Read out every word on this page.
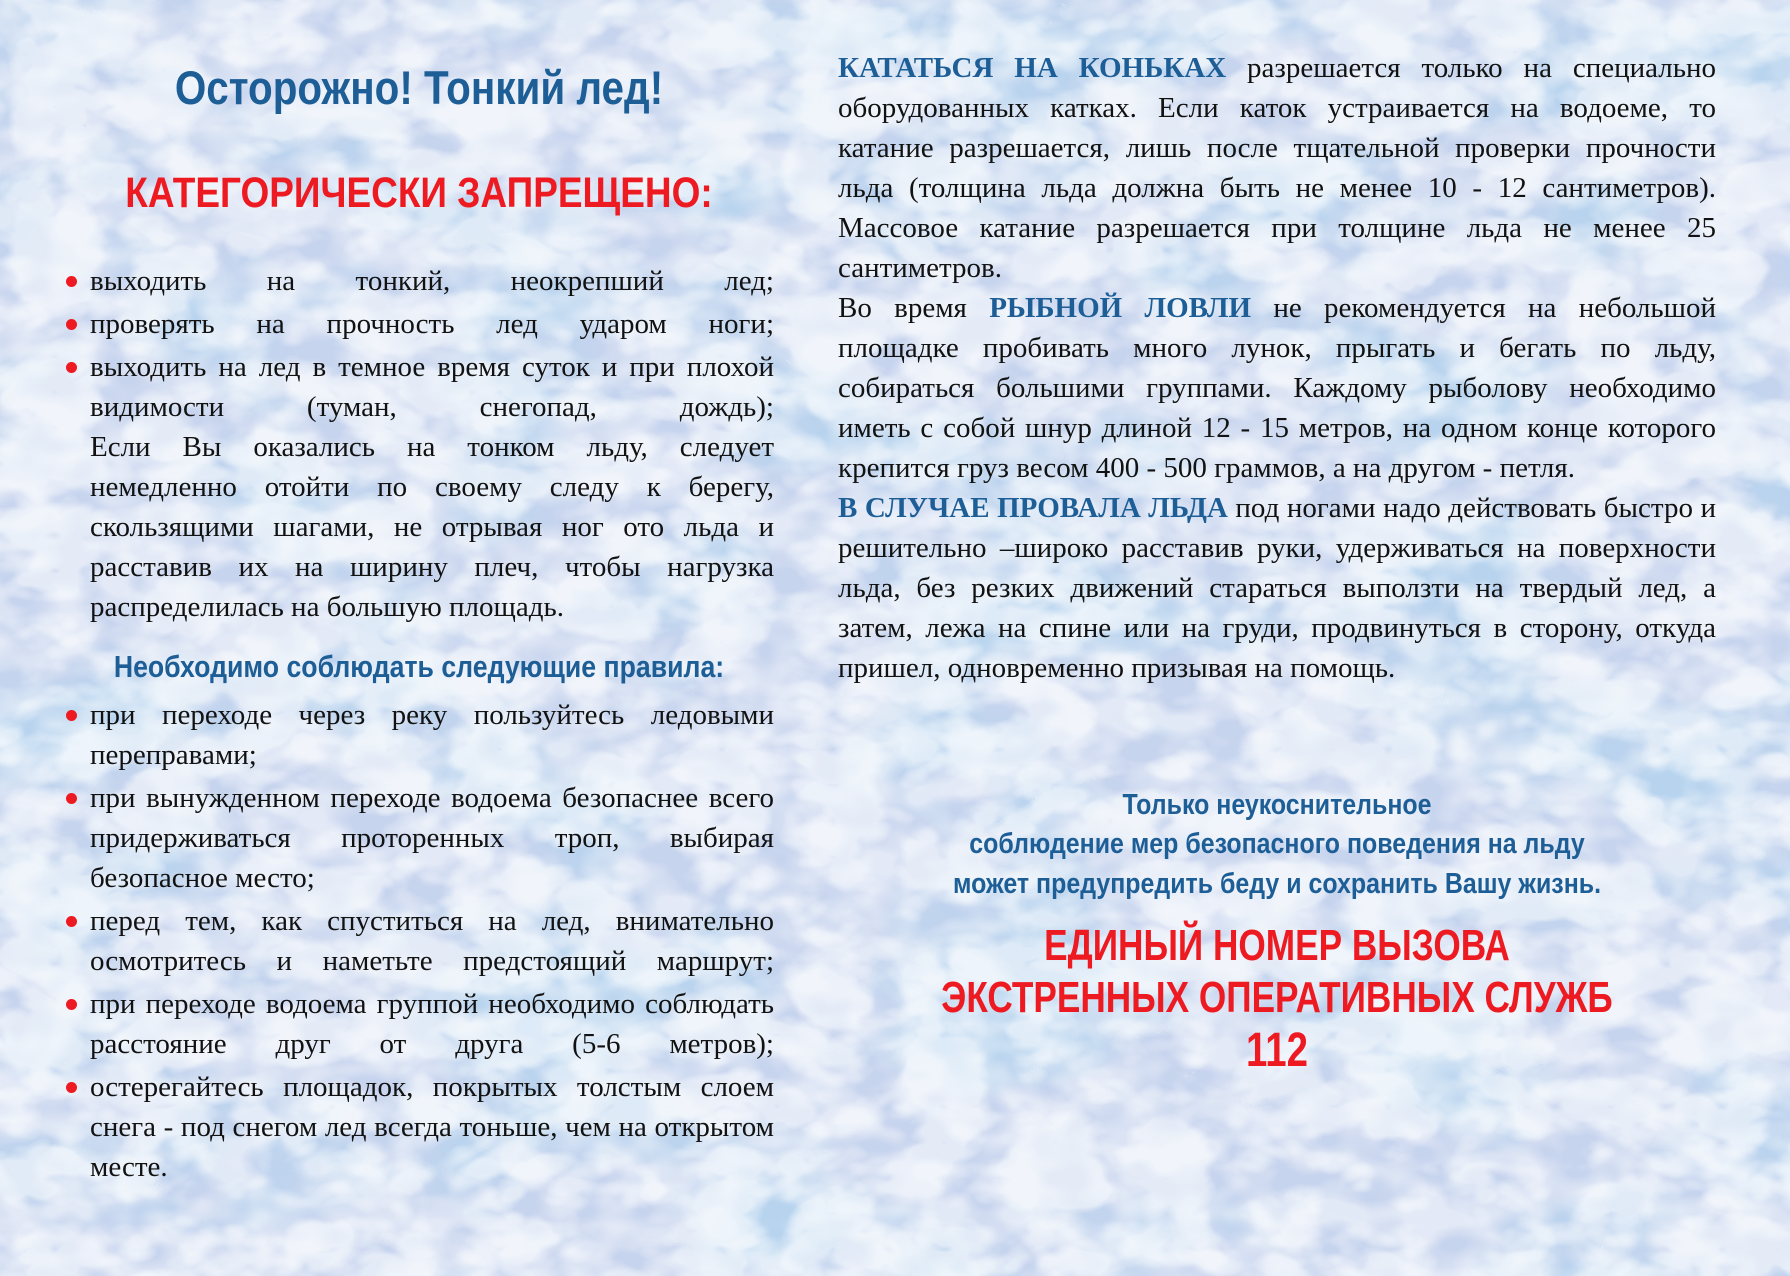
Осторожно! Тонкий лед!
КАТЕГОРИЧЕСКИ ЗАПРЕЩЕНО:
выходить на тонкий, неокрепший лед;
проверять на прочность лед ударом ноги;
выходить на лед в темное время суток и при плохой видимости (туман, снегопад, дождь);
Если Вы оказались на тонком льду, следует немедленно отойти по своему следу к берегу, скользящими шагами, не отрывая ног ото льда и расставив их на ширину плеч, чтобы нагрузка распределилась на большую площадь.
Необходимо соблюдать следующие правила:
при переходе через реку пользуйтесь ледовыми переправами;
при вынужденном переходе водоема безопаснее всего придерживаться проторенных троп, выбирая безопасное место;
перед тем, как спуститься на лед, внимательно осмотритесь и наметьте предстоящий маршрут;
при переходе водоема группой необходимо соблюдать расстояние друг от друга (5-6 метров);
остерегайтесь площадок, покрытых толстым слоем снега - под снегом лед всегда тоньше, чем на открытом месте.

КАТАТЬСЯ НА КОНЬКАХ разрешается только на специально оборудованных катках. Если каток устраивается на водоеме, то катание разрешается, лишь после тщательной проверки прочности льда (толщина льда должна быть не менее 10 - 12 сантиметров). Массовое катание разрешается при толщине льда не менее 25 сантиметров.

Во время РЫБНОЙ ЛОВЛИ не рекомендуется на небольшой площадке пробивать много лунок, прыгать и бегать по льду, собираться большими группами. Каждому рыболову необходимо иметь с собой шнур длиной 12 - 15 метров, на одном конце которого крепится груз весом 400 - 500 граммов, а на другом - петля.

В СЛУЧАЕ ПРОВАЛА ЛЬДА под ногами надо действовать быстро и решительно –широко расставив руки, удерживаться на поверхности льда, без резких движений стараться выползти на твердый лед, а затем, лежа на спине или на груди, продвинуться в сторону, откуда пришел, одновременно призывая на помощь.

Только неукоснительное
соблюдение мер безопасного поведения на льду
может предупредить беду и сохранить Вашу жизнь.
ЕДИНЫЙ НОМЕР ВЫЗОВА
ЭКСТРЕННЫХ ОПЕРАТИВНЫХ СЛУЖБ
112
